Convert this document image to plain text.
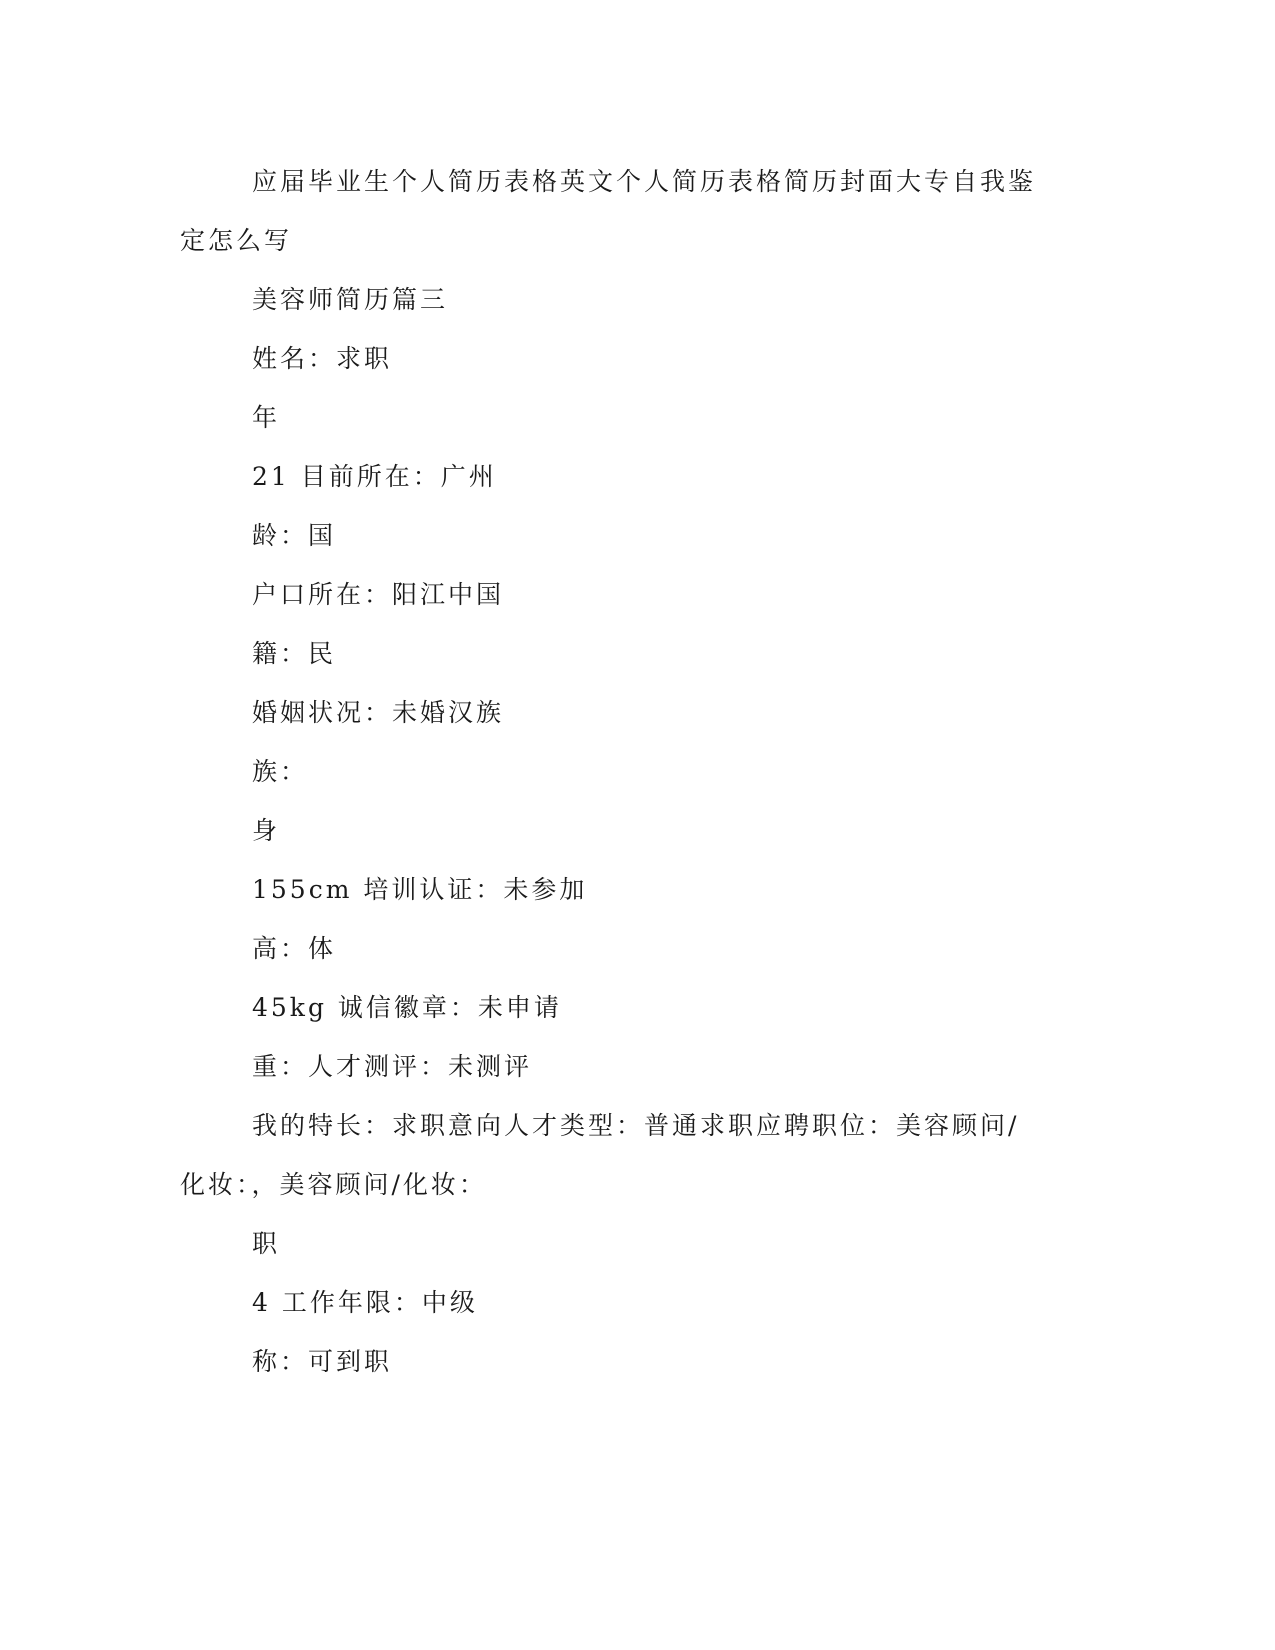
应届毕业生个人简历表格英文个人简历表格简历封面大专自我鉴定怎么写

美容师简历篇三

姓名：求职

年

21 目前所在：广州

龄：国

户口所在：阳江中国

籍：民

婚姻状况：未婚汉族

族：

身

155cm 培训认证：未参加

高：体

45kg 诚信徽章：未申请

重：人才测评：未测评

我的特长：求职意向人才类型：普通求职应聘职位：美容顾问/化妆：，美容顾问/化妆：

职

4 工作年限：中级

称：可到职
